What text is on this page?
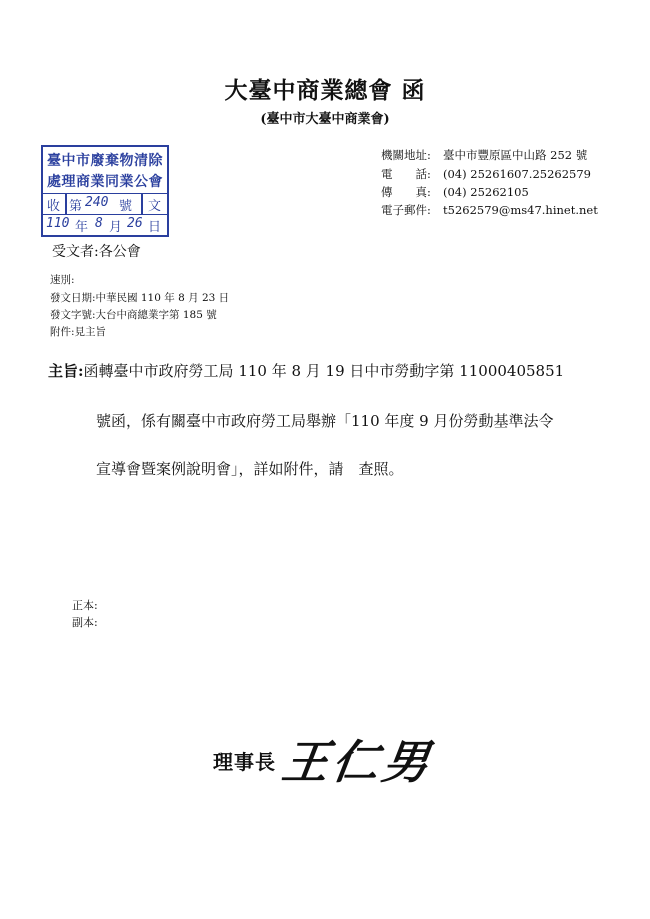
大臺中商業總會 函
(臺中市大臺中商業會)
臺中市廢棄物清除
處理商業同業公會
收 第 240 號 文
110 年 8 月 26 日
機關地址: 臺中市豐原區中山路 252 號
電　　話: (04) 25261607.25262579
傳　　真: (04) 25262105
電子郵件: t5262579@ms47.hinet.net
受文者:各公會
速別:
發文日期:中華民國 110 年 8 月 23 日
發文字號:大台中商總業字第 185 號
附件:見主旨
主旨:函轉臺中市政府勞工局 110 年 8 月 19 日中市勞動字第 11000405851
號函，係有關臺中市政府勞工局舉辦「110 年度 9 月份勞動基準法令
宣導會暨案例說明會」，詳如附件，請　查照。
正本:
副本:
理事長 王仁男
